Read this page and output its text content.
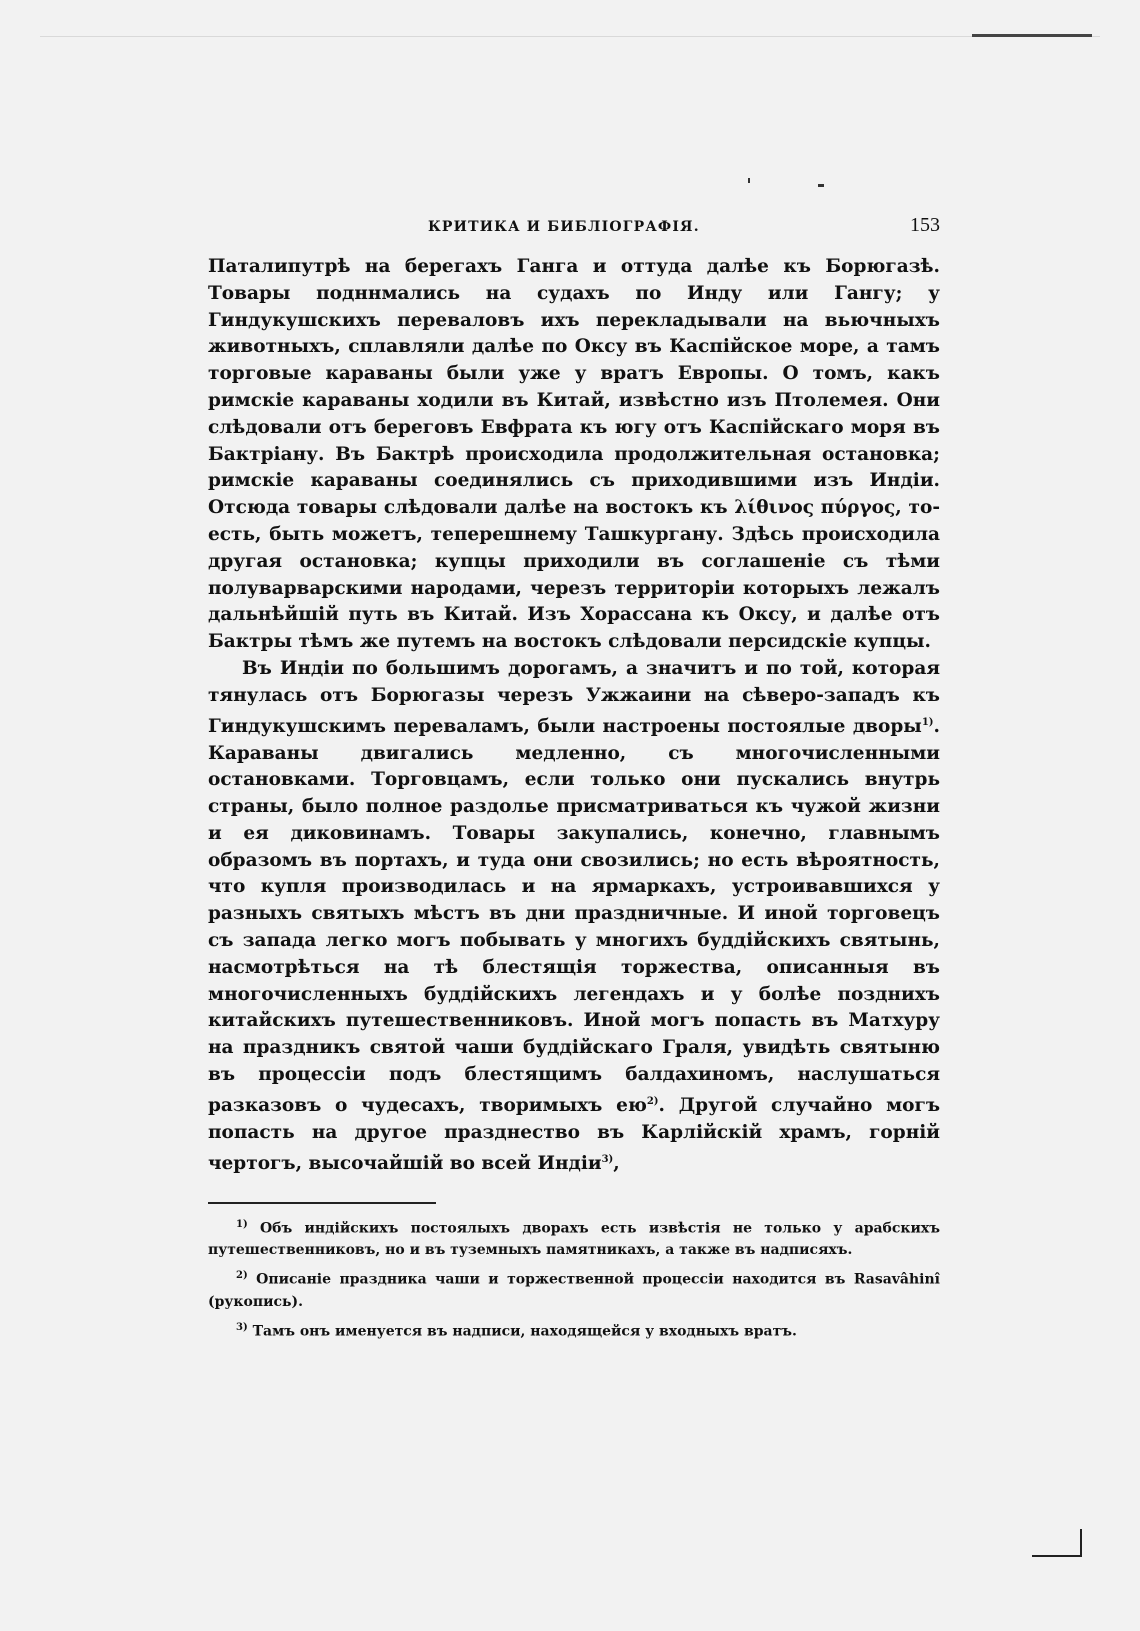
КРИТИКА И БИБЛІОГРАФІЯ.	153

Паталипутрѣ на берегахъ Ганга и оттуда далѣе къ Борюгазѣ. Товары подннмались на судахъ по Инду или Гангу; у Гиндукушскихъ переваловъ ихъ перекладывали на вьючныхъ животныхъ, сплавляли далѣе по Оксу въ Каспійское море, а тамъ торговые караваны были уже у вратъ Европы. О томъ, какъ римскіе караваны ходили въ Китай, извѣстно изъ Птолемея. Они слѣдовали отъ береговъ Евфрата къ югу отъ Каспійскаго моря въ Бактріану. Въ Бактрѣ происходила продолжительная остановка; римскіе караваны соединялись съ приходившими изъ Индіи. Отсюда товары слѣдовали далѣе на востокъ къ λίθινος πύργος, то-есть, быть можетъ, теперешнему Ташкургану. Здѣсь происходила другая остановка; купцы приходили въ соглашеніе съ тѣми полуварварскими народами, черезъ территоріи которыхъ лежалъ дальнѣйшій путь въ Китай. Изъ Хорассана къ Оксу, и далѣе отъ Бактры тѣмъ же путемъ на востокъ слѣдовали персидскіе купцы.

Въ Индіи по большимъ дорогамъ, а значитъ и по той, которая тянулась отъ Борюгазы черезъ Ужжаини на сѣверо-западъ къ Гиндукушскимъ переваламъ, были настроены постоялые дворы$^{1)}$. Караваны двигались медленно, съ многочисленными остановками. Торговцамъ, если только они пускались внутрь страны, было полное раздолье присматриваться къ чужой жизни и ея диковинамъ. Товары закупались, конечно, главнымъ образомъ въ портахъ, и туда они свозились; но есть вѣроятность, что купля производилась и на ярмаркахъ, устроивавшихся у разныхъ святыхъ мѣстъ въ дни праздничные. И иной торговецъ съ запада легко могъ побывать у многихъ буддійскихъ святынь, насмотрѣться на тѣ блестящія торжества, описанныя въ многочисленныхъ буддійскихъ легендахъ и у болѣе позднихъ китайскихъ путешественниковъ. Иной могъ попасть въ Матхуру на праздникъ святой чаши буддійскаго Граля, увидѣть святыню въ процессіи подъ блестящимъ балдахиномъ, наслушаться разказовъ о чудесахъ, творимыхъ ею$^{2)}$. Другой случайно могъ попасть на другое празднество въ Карлійскій храмъ, горній чертогъ, высочайшій во всей Индіи$^{3)}$,

$^{1)}$ Объ индійскихъ постоялыхъ дворахъ есть извѣстія не только у арабскихъ путешественниковъ, но и въ туземныхъ памятникахъ, а также въ надписяхъ.

$^{2)}$ Описаніе праздника чаши и торжественной процессіи находится въ Rasavâhinî (рукопись).

$^{3)}$ Тамъ онъ именуется въ надписи, находящейся у входныхъ вратъ.
